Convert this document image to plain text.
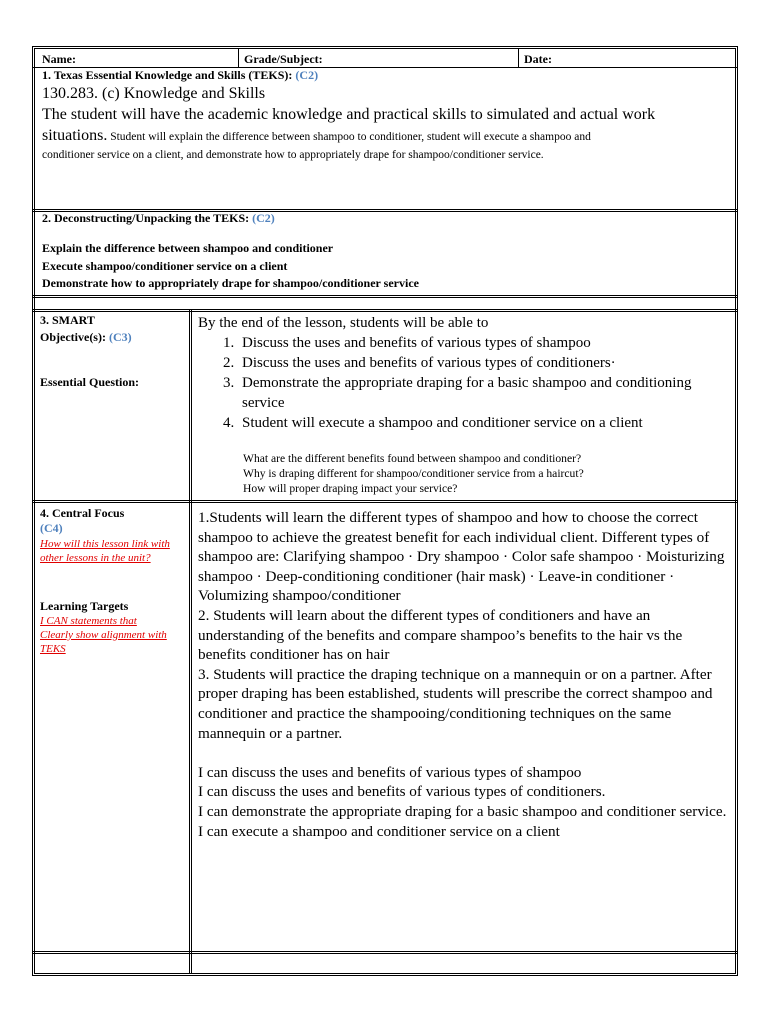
Name:	Grade/Subject:	Date:
1. Texas Essential Knowledge and Skills (TEKS): (C2)
130.283. (c) Knowledge and Skills
The student will have the academic knowledge and practical skills to simulated and actual work
situations. Student will explain the difference between shampoo to conditioner, student will execute a shampoo and
conditioner service on a client, and demonstrate how to appropriately drape for shampoo/conditioner service.
2. Deconstructing/Unpacking the TEKS: (C2)
Explain the difference between shampoo and conditioner
Execute shampoo/conditioner service on a client
Demonstrate how to appropriately drape for shampoo/conditioner service
3. SMART
Objective(s): (C3)
Essential Question:
By the end of the lesson, students will be able to
1. Discuss the uses and benefits of various types of shampoo
2. Discuss the uses and benefits of various types of conditioners·
3. Demonstrate the appropriate draping for a basic shampoo and conditioning service
4. Student will execute a shampoo and conditioner service on a client
What are the different benefits found between shampoo and conditioner?
Why is draping different for shampoo/conditioner service from a haircut?
How will proper draping impact your service?
4. Central Focus
(C4)
How will this lesson link with other lessons in the unit?
Learning Targets
I CAN statements that Clearly show alignment with TEKS
1.Students will learn the different types of shampoo and how to choose the correct shampoo to achieve the greatest benefit for each individual client. Different types of shampoo are: Clarifying shampoo · Dry shampoo · Color safe shampoo · Moisturizing shampoo · Deep-conditioning conditioner (hair mask) · Leave-in conditioner · Volumizing shampoo/conditioner
2. Students will learn about the different types of conditioners and have an understanding of the benefits and compare shampoo’s benefits to the hair vs the benefits conditioner has on hair
3. Students will practice the draping technique on a mannequin or on a partner. After proper draping has been established, students will prescribe the correct shampoo and conditioner and practice the shampooing/conditioning techniques on the same mannequin or a partner.
I can discuss the uses and benefits of various types of shampoo
I can discuss the uses and benefits of various types of conditioners.
I can demonstrate the appropriate draping for a basic shampoo and conditioner service.
I can execute a shampoo and conditioner service on a client
